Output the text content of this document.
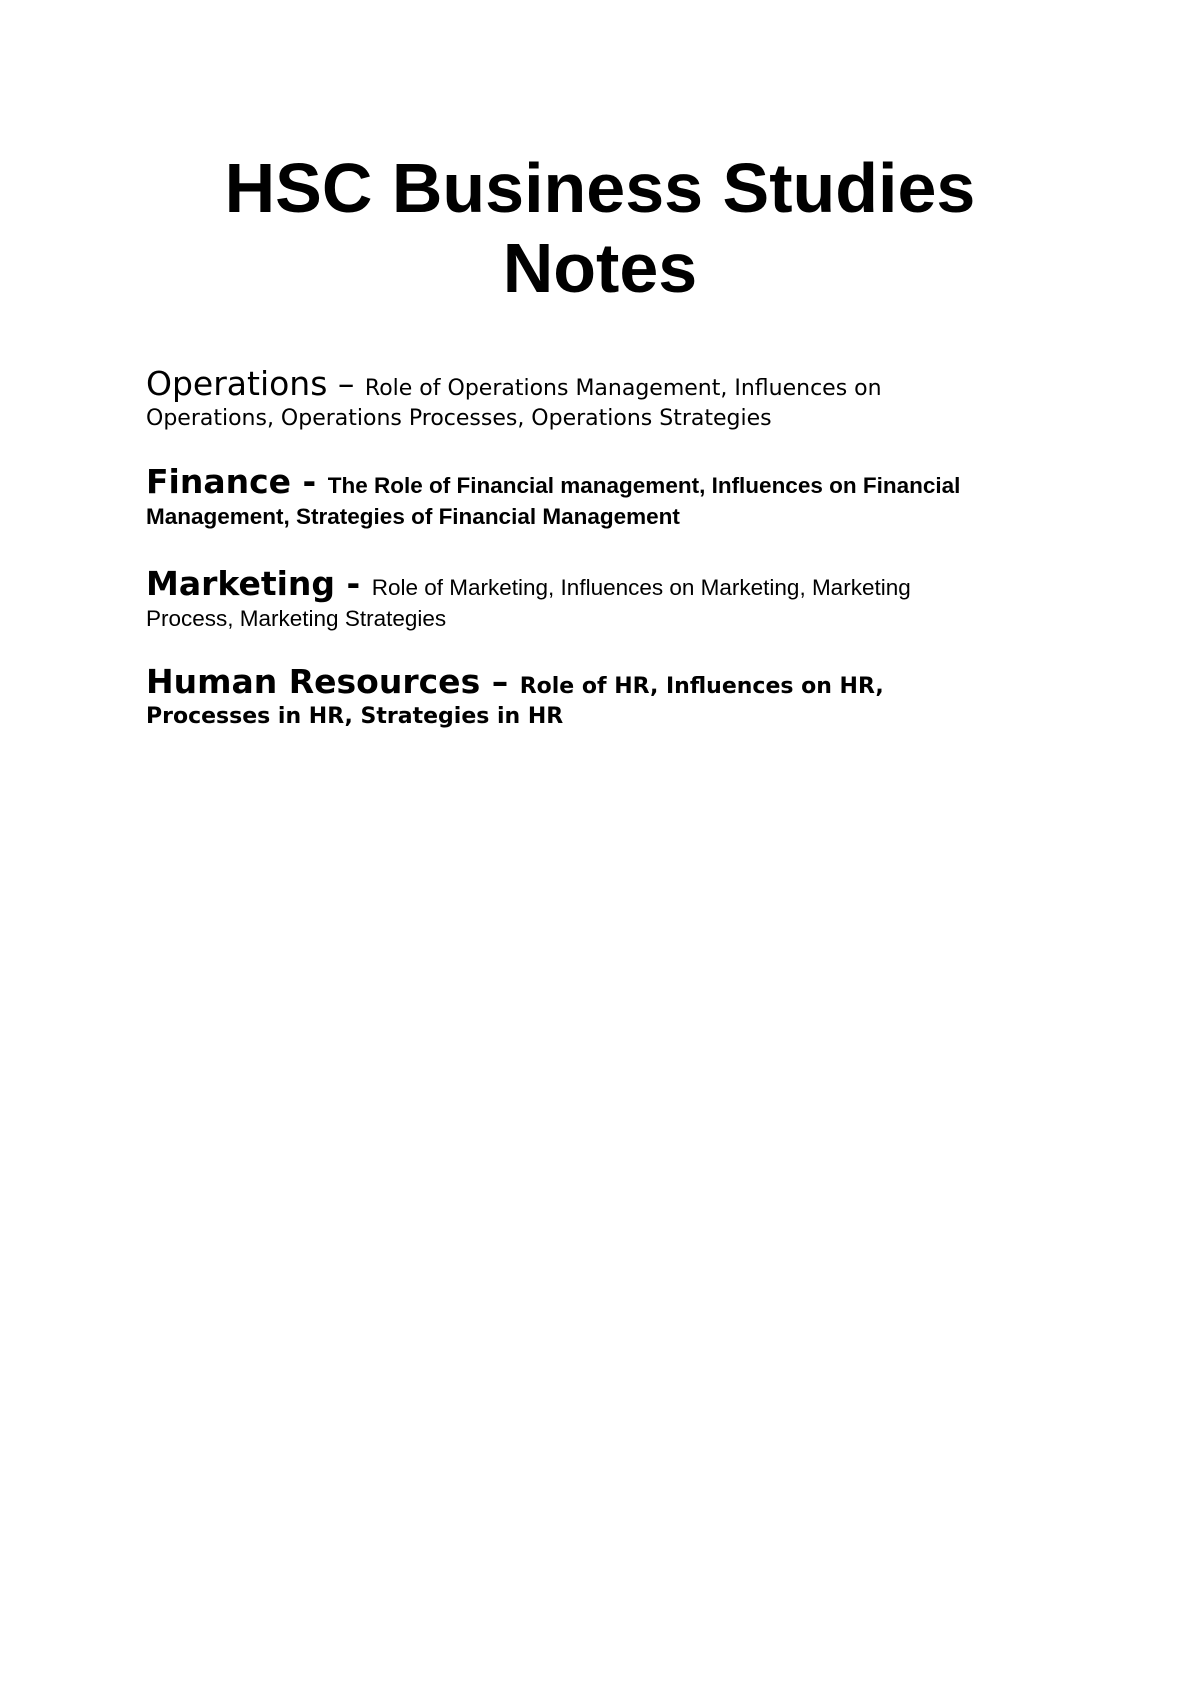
HSC Business Studies
Notes

Operations – Role of Operations Management, Influences on
Operations, Operations Processes, Operations Strategies

Finance - The Role of Financial management, Influences on Financial
Management, Strategies of Financial Management

Marketing - Role of Marketing, Influences on Marketing, Marketing
Process, Marketing Strategies

Human Resources – Role of HR, Influences on HR,
Processes in HR, Strategies in HR
